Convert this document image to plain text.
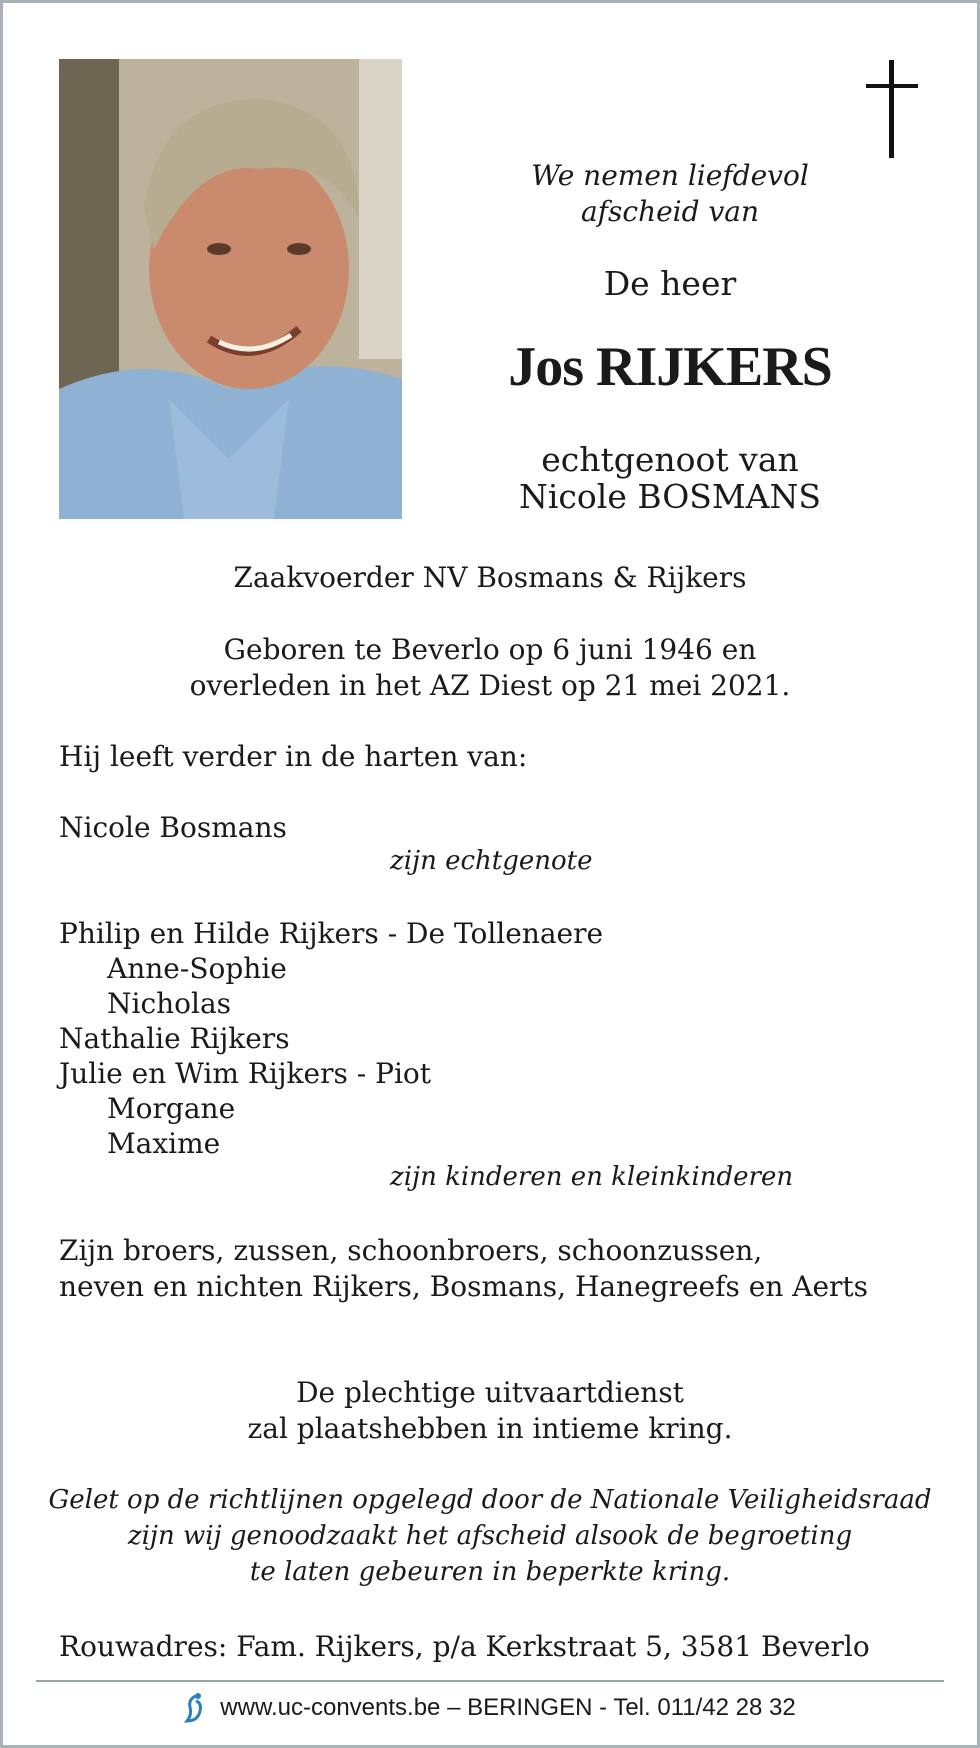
We nemen liefdevol
afscheid van
De heer
Jos RIJKERS
echtgenoot van
Nicole BOSMANS
Zaakvoerder NV Bosmans & Rijkers
Geboren te Beverlo op 6 juni 1946 en
overleden in het AZ Diest op 21 mei 2021.
Hij leeft verder in de harten van:
Nicole Bosmans
zijn echtgenote
Philip en Hilde Rijkers - De Tollenaere
Anne-Sophie
Nicholas
Nathalie Rijkers
Julie en Wim Rijkers - Piot
Morgane
Maxime
zijn kinderen en kleinkinderen
Zijn broers, zussen, schoonbroers, schoonzussen,
neven en nichten Rijkers, Bosmans, Hanegreefs en Aerts
De plechtige uitvaartdienst
zal plaatshebben in intieme kring.
Gelet op de richtlijnen opgelegd door de Nationale Veiligheidsraad
zijn wij genoodzaakt het afscheid alsook de begroeting
te laten gebeuren in beperkte kring.
Rouwadres: Fam. Rijkers, p/a Kerkstraat 5, 3581 Beverlo
www.uc-convents.be – BERINGEN - Tel. 011/42 28 32
